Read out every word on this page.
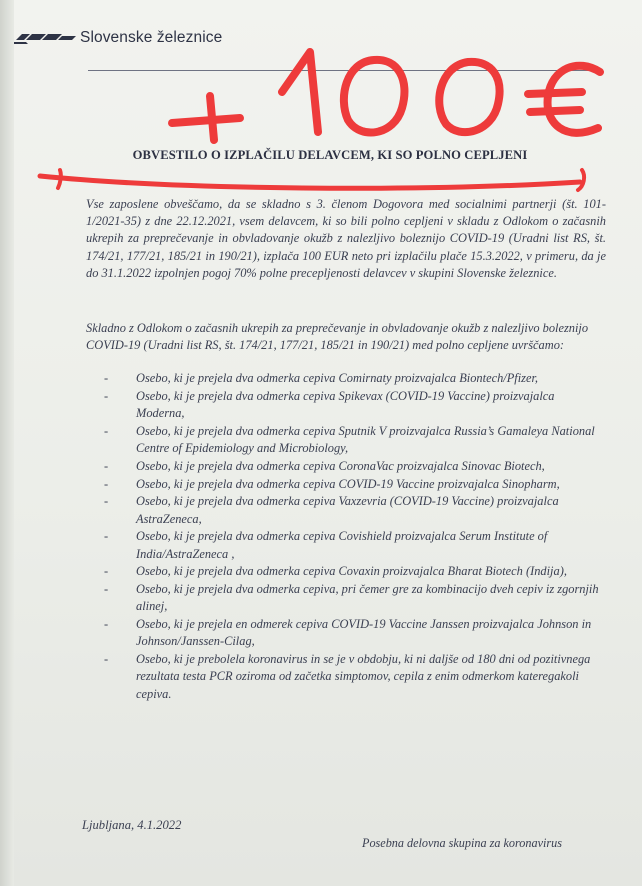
Slovenske železnice
OBVESTILO O IZPLAČILU DELAVCEM, KI SO POLNO CEPLJENI
Vse zaposlene obveščamo, da se skladno s 3. členom Dogovora med socialnimi partnerji (št. 101-1/2021-35) z dne 22.12.2021, vsem delavcem, ki so bili polno cepljeni v skladu z Odlokom o začasnih ukrepih za preprečevanje in obvladovanje okužb z nalezljivo boleznijo COVID-19 (Uradni list RS, št. 174/21, 177/21, 185/21 in 190/21), izplača 100 EUR neto pri izplačilu plače 15.3.2022, v primeru, da je do 31.1.2022 izpolnjen pogoj 70% polne precepljenosti delavcev v skupini Slovenske železnice.
Skladno z Odlokom o začasnih ukrepih za preprečevanje in obvladovanje okužb z nalezljivo boleznijo COVID-19 (Uradni list RS, št. 174/21, 177/21, 185/21 in 190/21) med polno cepljene uvrščamo:
- Osebo, ki je prejela dva odmerka cepiva Comirnaty proizvajalca Biontech/Pfizer,
- Osebo, ki je prejela dva odmerka cepiva Spikevax (COVID-19 Vaccine) proizvajalca Moderna,
- Osebo, ki je prejela dva odmerka cepiva Sputnik V proizvajalca Russia’s Gamaleya National Centre of Epidemiology and Microbiology,
- Osebo, ki je prejela dva odmerka cepiva CoronaVac proizvajalca Sinovac Biotech,
- Osebo, ki je prejela dva odmerka cepiva COVID-19 Vaccine proizvajalca Sinopharm,
- Osebo, ki je prejela dva odmerka cepiva Vaxzevria (COVID-19 Vaccine) proizvajalca AstraZeneca,
- Osebo, ki je prejela dva odmerka cepiva Covishield proizvajalca Serum Institute of India/AstraZeneca ,
- Osebo, ki je prejela dva odmerka cepiva Covaxin proizvajalca Bharat Biotech (Indija),
- Osebo, ki je prejela dva odmerka cepiva, pri čemer gre za kombinacijo dveh cepiv iz zgornjih alinej,
- Osebo, ki je prejela en odmerek cepiva COVID-19 Vaccine Janssen proizvajalca Johnson in Johnson/Janssen-Cilag,
- Osebo, ki je prebolela koronavirus in se je v obdobju, ki ni daljše od 180 dni od pozitivnega rezultata testa PCR oziroma od začetka simptomov, cepila z enim odmerkom kateregakoli cepiva.
Ljubljana, 4.1.2022
Posebna delovna skupina za koronavirus
